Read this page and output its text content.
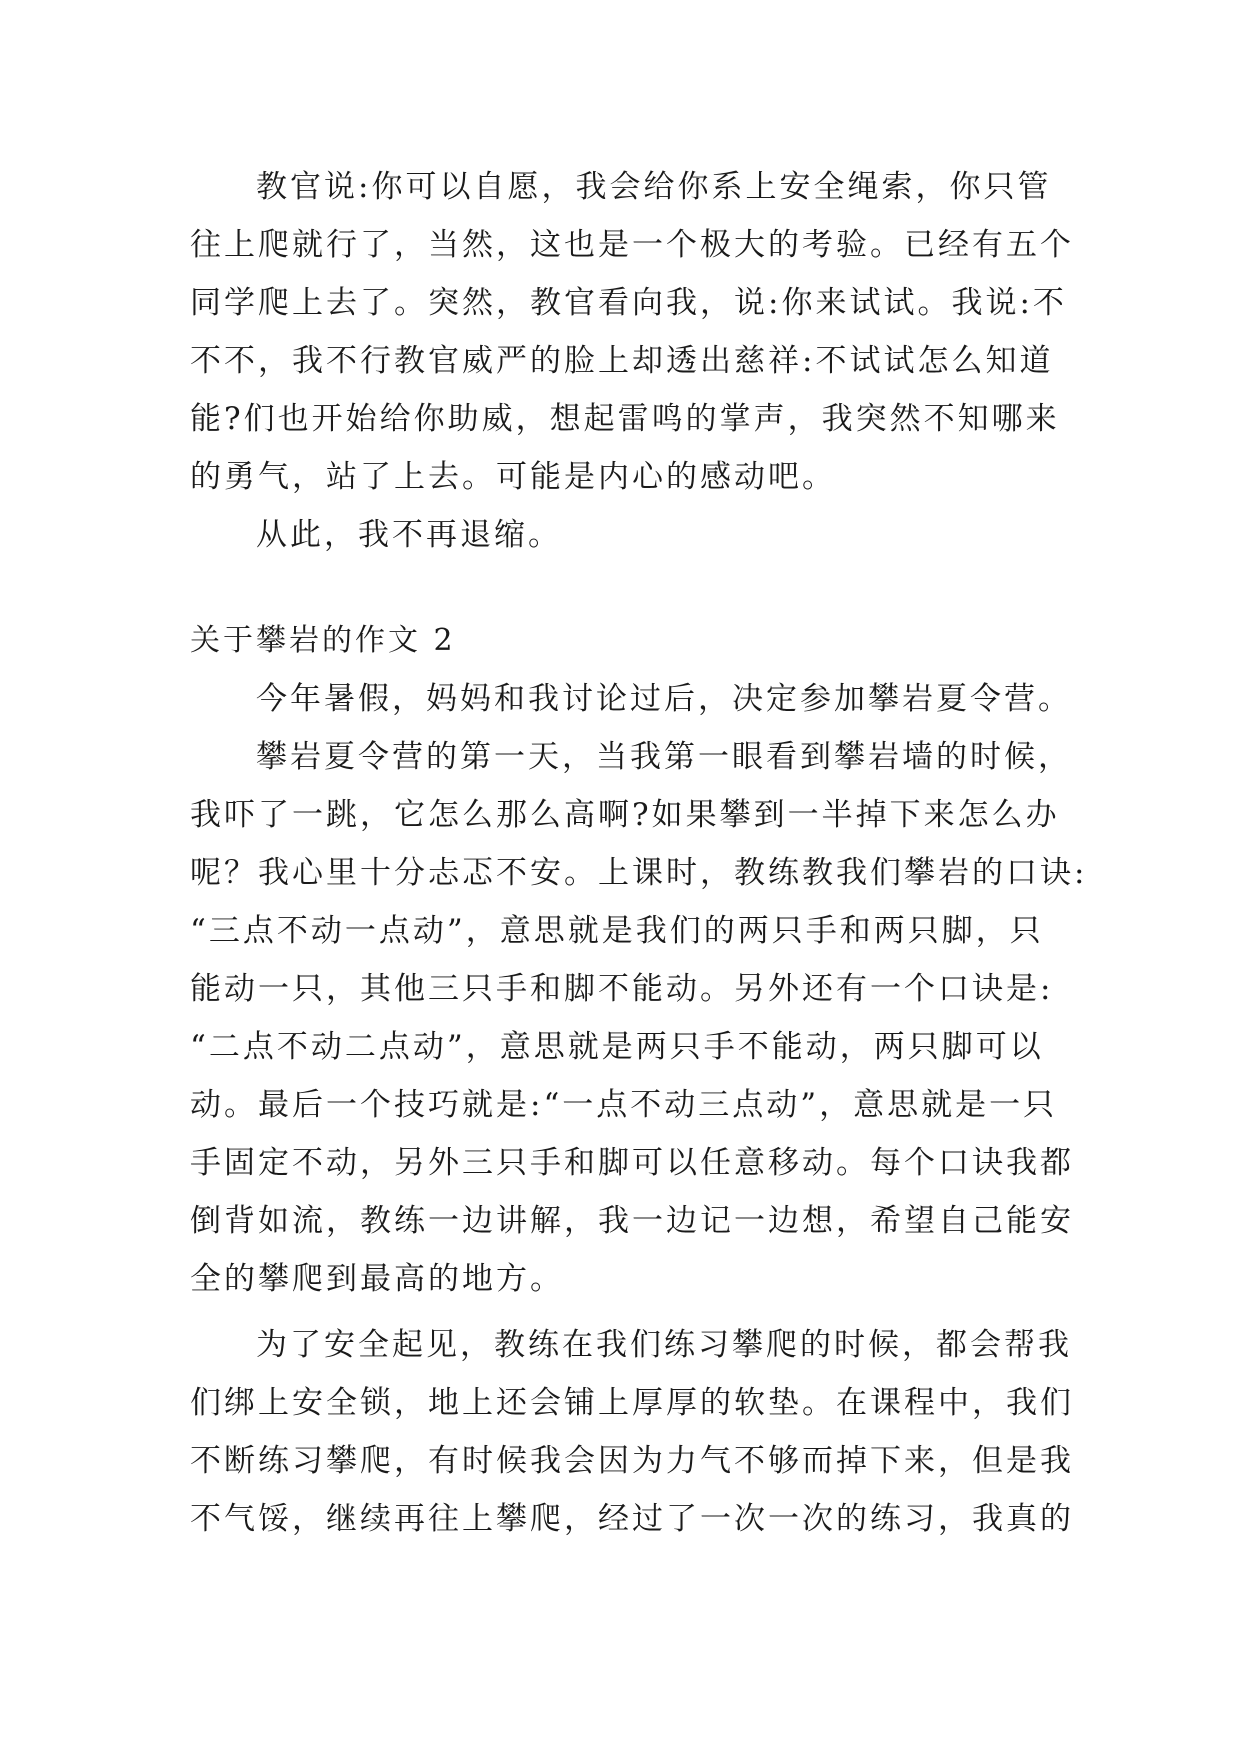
教官说:你可以自愿，我会给你系上安全绳索，你只管
往上爬就行了，当然，这也是一个极大的考验。已经有五个
同学爬上去了。突然，教官看向我，说:你来试试。我说:不
不不，我不行教官威严的脸上却透出慈祥:不试试怎么知道
能?们也开始给你助威，想起雷鸣的掌声，我突然不知哪来
的勇气，站了上去。可能是内心的感动吧。
从此，我不再退缩。
关于攀岩的作文 2
今年暑假，妈妈和我讨论过后，决定参加攀岩夏令营。
攀岩夏令营的第一天，当我第一眼看到攀岩墙的时候，
我吓了一跳，它怎么那么高啊?如果攀到一半掉下来怎么办
呢？我心里十分忐忑不安。上课时，教练教我们攀岩的口诀:
“三点不动一点动”，意思就是我们的两只手和两只脚，只
能动一只，其他三只手和脚不能动。另外还有一个口诀是:
“二点不动二点动”，意思就是两只手不能动，两只脚可以
动。最后一个技巧就是:“一点不动三点动”，意思就是一只
手固定不动，另外三只手和脚可以任意移动。每个口诀我都
倒背如流，教练一边讲解，我一边记一边想，希望自己能安
全的攀爬到最高的地方。
为了安全起见，教练在我们练习攀爬的时候，都会帮我
们绑上安全锁，地上还会铺上厚厚的软垫。在课程中，我们
不断练习攀爬，有时候我会因为力气不够而掉下来，但是我
不气馁，继续再往上攀爬，经过了一次一次的练习，我真的
